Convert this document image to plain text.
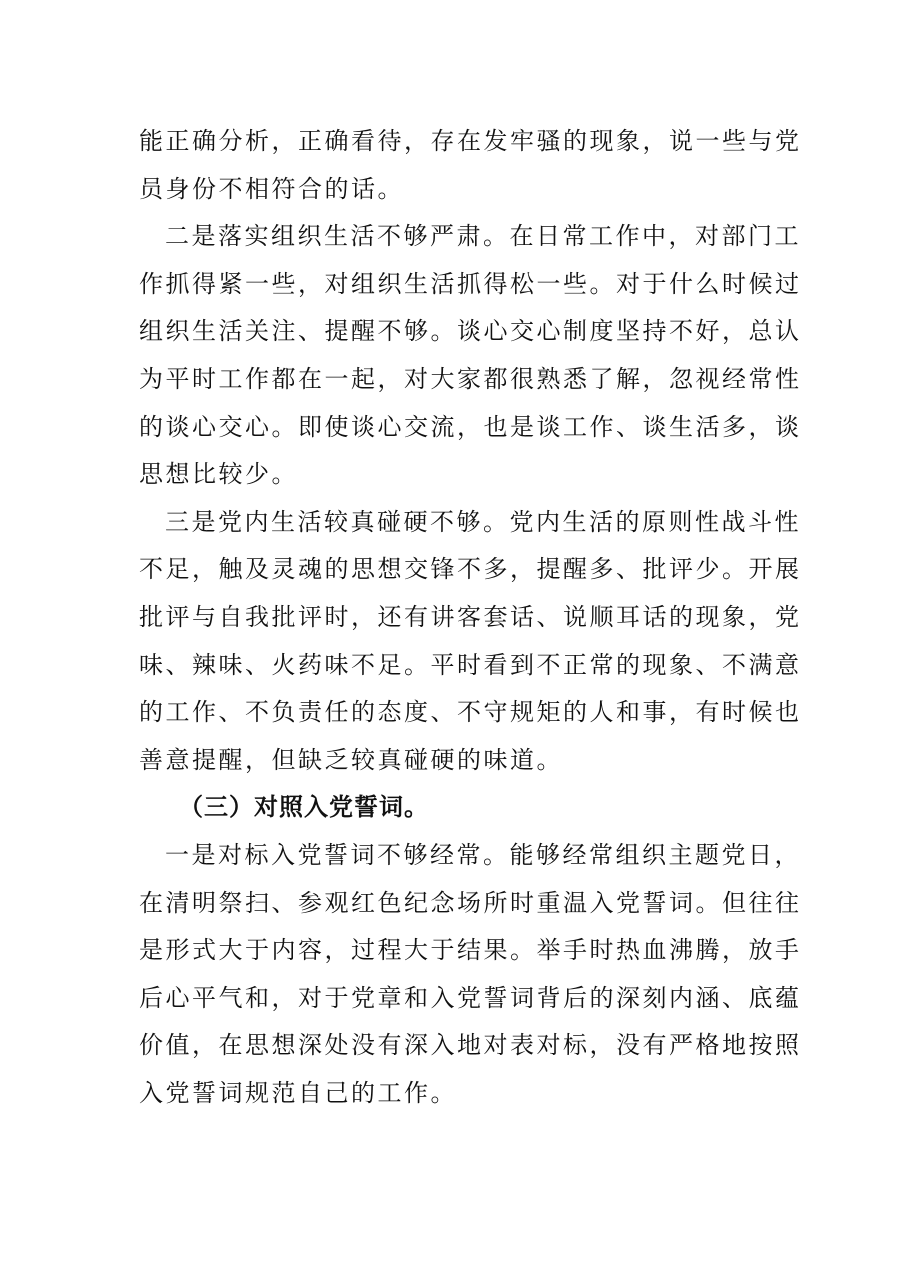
能正确分析，正确看待，存在发牢骚的现象，说一些与党
员身份不相符合的话。
二是落实组织生活不够严肃。在日常工作中，对部门工
作抓得紧一些，对组织生活抓得松一些。对于什么时候过
组织生活关注、提醒不够。谈心交心制度坚持不好，总认
为平时工作都在一起，对大家都很熟悉了解，忽视经常性
的谈心交心。即使谈心交流，也是谈工作、谈生活多，谈
思想比较少。
三是党内生活较真碰硬不够。党内生活的原则性战斗性
不足，触及灵魂的思想交锋不多，提醒多、批评少。开展
批评与自我批评时，还有讲客套话、说顺耳话的现象，党
味、辣味、火药味不足。平时看到不正常的现象、不满意
的工作、不负责任的态度、不守规矩的人和事，有时候也
善意提醒，但缺乏较真碰硬的味道。
（三）对照入党誓词。
一是对标入党誓词不够经常。能够经常组织主题党日，
在清明祭扫、参观红色纪念场所时重温入党誓词。但往往
是形式大于内容，过程大于结果。举手时热血沸腾，放手
后心平气和，对于党章和入党誓词背后的深刻内涵、底蕴
价值，在思想深处没有深入地对表对标，没有严格地按照
入党誓词规范自己的工作。
